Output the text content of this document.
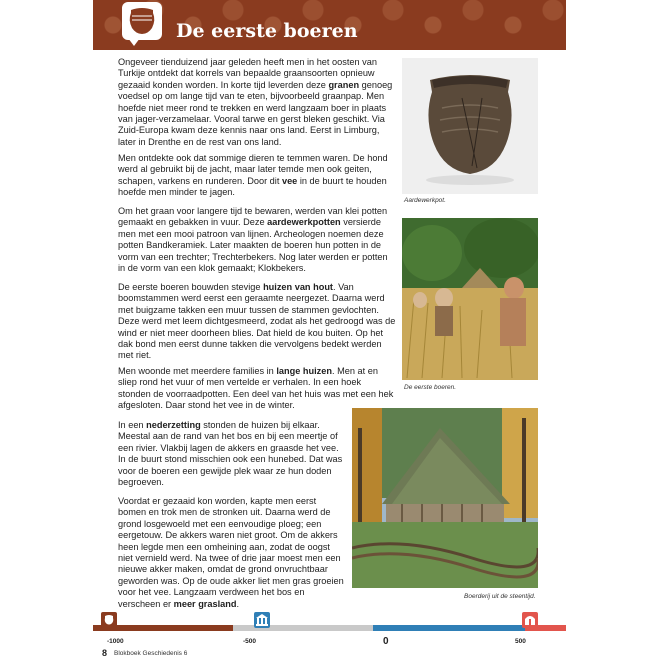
De eerste boeren

Ongeveer tienduizend jaar geleden heeft men in het oosten van Turkije ontdekt dat korrels van bepaalde graansoorten opnieuw gezaaid konden worden. In korte tijd leverden deze granen genoeg voedsel op om lange tijd van te eten, bijvoorbeeld graanpap. Men hoefde niet meer rond te trekken en werd langzaam boer in plaats van jager-verzamelaar. Vooral tarwe en gerst bleken geschikt. Via Zuid-Europa kwam deze kennis naar ons land. Eerst in Limburg, later in Drenthe en de rest van ons land.

Men ontdekte ook dat sommige dieren te temmen waren. De hond werd al gebruikt bij de jacht, maar later temde men ook geiten, schapen, varkens en runderen. Door dit vee in de buurt te houden hoefde men minder te jagen.

Om het graan voor langere tijd te bewaren, werden van klei potten gemaakt en gebakken in vuur. Deze aardewerkpotten versierde men met een mooi patroon van lijnen. Archeologen noemen deze potten Bandkeramiek. Later maakten de boeren hun potten in de vorm van een trechter; Trechterbekers. Nog later werden er potten in de vorm van een klok gemaakt; Klokbekers.

De eerste boeren bouwden stevige huizen van hout. Van boomstammen werd eerst een geraamte neergezet. Daarna werd met buigzame takken een muur tussen de stammen gevlochten. Deze werd met leem dichtgesmeerd, zodat als het gedroogd was de wind er niet meer doorheen blies. Dat hield de kou buiten. Op het dak bond men eerst dunne takken die vervolgens bedekt werden met riet.

Men woonde met meerdere families in lange huizen. Men at en sliep rond het vuur of men vertelde er verhalen. In een hoek stonden de voorraadpotten. Een deel van het huis was met een hek afgesloten. Daar stond het vee in de winter.

In een nederzetting stonden de huizen bij elkaar. Meestal aan de rand van het bos en bij een meertje of een rivier. Vlakbij lagen de akkers en graasde het vee. In de buurt stond misschien ook een hunebed. Dat was voor de boeren een gewijde plek waar ze hun doden begroeven.

Voordat er gezaaid kon worden, kapte men eerst bomen en trok men de stronken uit. Daarna werd de grond losgewoeld met een eenvoudige ploeg; een eergetouw. De akkers waren niet groot. Om de akkers heen legde men een omheining aan, zodat de oogst niet vernield werd. Na twee of drie jaar moest men een nieuwe akker maken, omdat de grond onvruchtbaar geworden was. Op de oude akker liet men gras groeien voor het vee. Langzaam verdween het bos en verscheen er meer grasland.

Aardewerkpot.
De eerste boeren.
Boerderij uit de steentijd.
-1000	-500	0	500
8 Blokboek Geschiedenis 6
